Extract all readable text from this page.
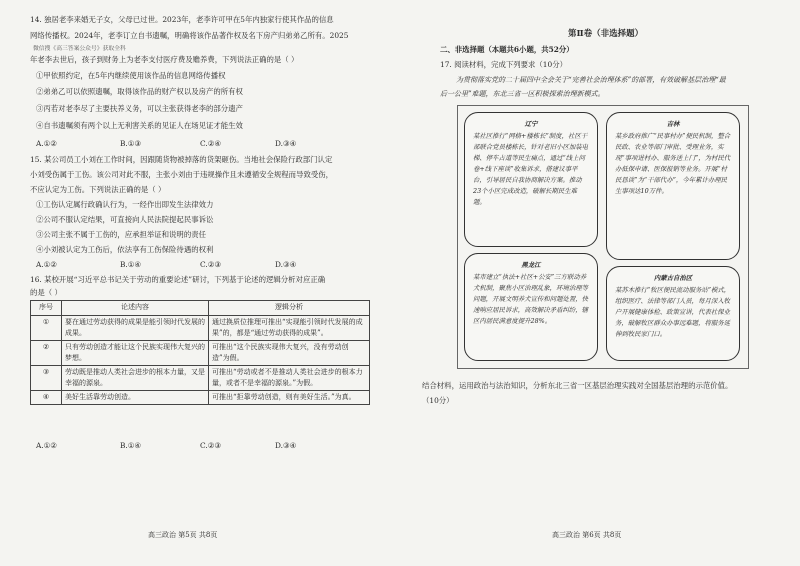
14. 独居老李来婚无子女，父母已过世。2023年，老李许可甲在5年内独家行使其作品的信息
网络传播权。2024年，老李订立自书遗嘱，明确将该作品著作权及名下房产归弟弟乙所有。2025
微信搜《高三答案公众号》获取全科
年老李去世后，孩子到财务上为老李支付医疗费及赡养费，下列说法正确的是（ ）
①甲依照约定，在5年内继续使用该作品的信息网络传播权
②弟弟乙可以依照遗嘱，取得该作品的财产权以及房产的所有权
③丙若对老李尽了主要扶养义务，可以主张获得老李的部分遗产
④自书遗嘱须有两个以上无利害关系的见证人在场见证才能生效
A.①②	B.①③	C.②④	D.③④
15. 某公司员工小刘在工作时间，因跟随货物被掉落的货架砸伤。当地社会保险行政部门认定
小刘受伤属于工伤。该公司对此不服，主张小刘由于违规操作且未遵循安全规程而导致受伤，
不应认定为工伤。下列说法正确的是（ ）
①工伤认定属行政确认行为，一经作出即发生法律效力
②公司不服认定结果，可直接向人民法院提起民事诉讼
③公司主张不属于工伤的，应承担举证和说明的责任
④小刘被认定为工伤后，依法享有工伤保险待遇的权利
A.①②	B.①④	C.②③	D.③④
16. 某校开展“习近平总书记关于劳动的重要论述”研讨，下列基于论述的逻辑分析对应正确
的是（ ）
序号	论述内容	逻辑分析
①	要在通过劳动获得的成果是能引领时代发展的成果。	通过换质位推理可推出“实现能引领时代发展的成果”的，都是“通过劳动获得的成果”。
②	只有劳动创造才能让这个民族实现伟大复兴的梦想。	可推出“这个民族实现伟大复兴，没有劳动创造”为假。
③	劳动既是推动人类社会进步的根本力量，又是幸福的源泉。	可推出“劳动或者不是推动人类社会进步的根本力量，或者不是幸福的源泉。”为假。
④	美好生活靠劳动创造。	可推出“拒靠劳动创造，则有美好生活。”为真。
A.①②	B.①④	C.②③	D.③④
高三政治 第5页 共8页
第Ⅱ卷（非选择题）
二、非选择题（本题共6小题，共52分）
17. 阅读材料，完成下列要求（10分）
为贯彻落实党的二十届四中全会关于“完善社会治理体系”的部署，有效破解基层治理“最
后一公里”难题，东北三省一区积极探索治理新模式。
辽宁
某社区推行“网格+楼栋长”制度，社区干部联合党员楼栋长，针对老旧小区加装电梯、停车占道等民生痛点，通过“线上问卷+线下座谈”收集诉求，搭建议事平台，引导居民自我协商解决方案。推动23个小区完成改造，破解长期民生难题。
吉林
某乡政府推广“民事村办”便民机制，整合民政、农业等部门审批、受理业务，实现“事项进村办、服务送上门”，为村民代办低保申请、医保报销等业务。开展“村民恳谈”为“干部代办”，今年累计办理民生事项达10万件。
黑龙江
某市建立“执法+社区+公安”三方联动养犬机制，聚焦小区治理乱象，环境治理等问题，开展文明养犬宣传和问题处置，快速响应居民诉求，高效解决矛盾纠纷，辖区内居民满意度提升28%。
内蒙古自治区
某苏木推行“牧区便民流动服务站”模式，组织医疗、法律等部门人员，每月深入牧户开展健康体检、政策宣讲，代表社保业务，破解牧区群众办事远难题，将服务延伸到牧民家门口。
结合材料，运用政治与法治知识，分析东北三省一区基层治理实践对全国基层治理的示范价值。
（10分）
高三政治 第6页 共8页
